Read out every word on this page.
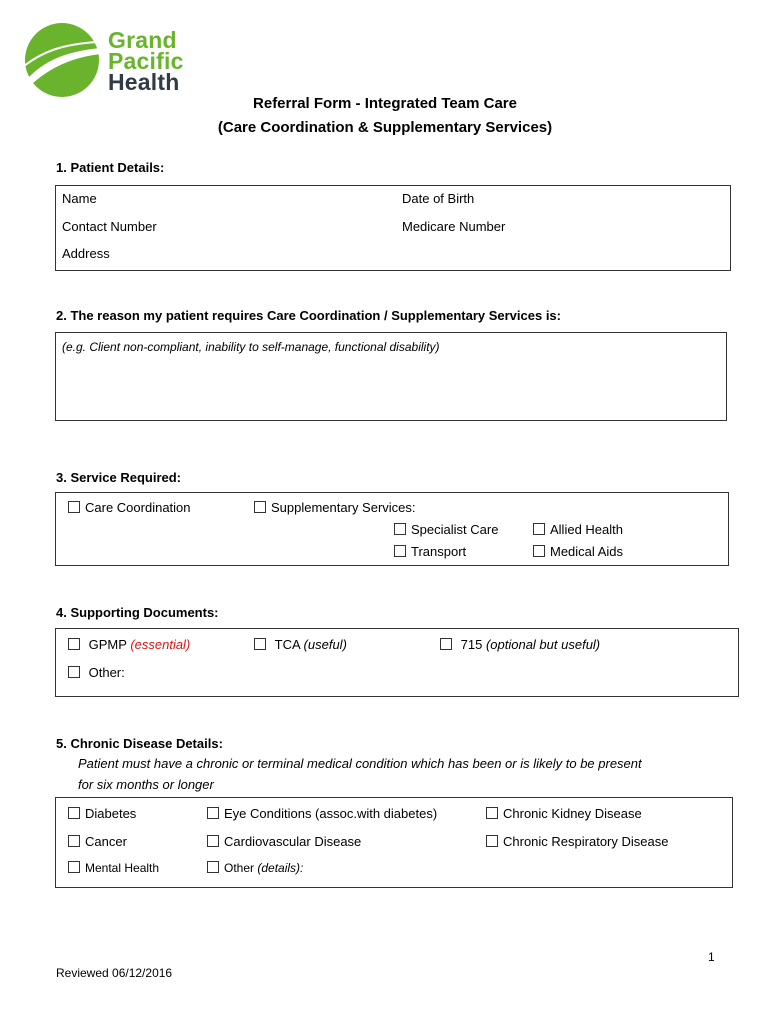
Grand
Pacific
Health
Referral Form - Integrated Team Care
(Care Coordination & Supplementary Services)
1. Patient Details:
Name	Date of Birth
Contact Number	Medicare Number
Address
2. The reason my patient requires Care Coordination / Supplementary Services is:
(e.g. Client non-compliant, inability to self-manage, functional disability)
3. Service Required:
Care Coordination	Supplementary Services:
Specialist Care	Allied Health
Transport	Medical Aids
4. Supporting Documents:
GPMP (essential)	TCA (useful)	715 (optional but useful)
Other:
5. Chronic Disease Details:
Patient must have a chronic or terminal medical condition which has been or is likely to be present
for six months or longer
Diabetes	Eye Conditions (assoc.with diabetes)	Chronic Kidney Disease
Cancer	Cardiovascular Disease	Chronic Respiratory Disease
Mental Health	Other (details):
1
Reviewed 06/12/2016
